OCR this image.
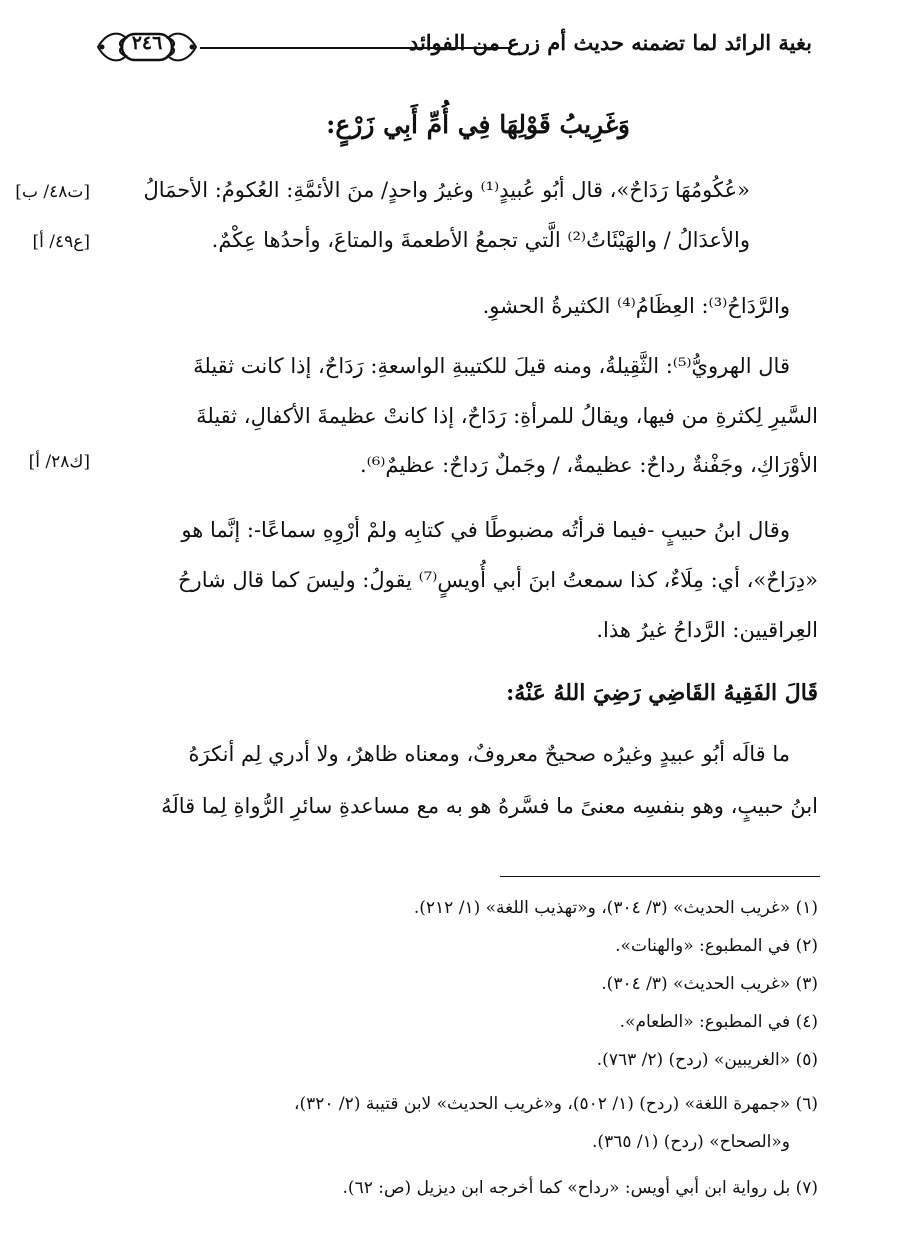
٢٤٦	بغية الرائد لما تضمنه حديث أم زرع من الفوائد
وَغَرِيبُ قَوْلِهَا فِي أُمِّ أَبِي زَرْعٍ:
[ت٤٨/ ب]
[ع٤٩/ أ]
[ك٢٨/ أ]
«عُكُومُهَا رَدَاحٌ»، قال أبُو عُبيدٍ⁽¹⁾ وغيرُ واحدٍ/ منَ الأئمَّةِ: العُكومُ: الأحمَالُ
والأعدَالُ / والهَيْئَاتُ⁽²⁾ الَّتي تجمعُ الأطعمةَ والمتاعَ، وأحدُها عِكْمٌ.
والرَّدَاحُ⁽³⁾: العِظَامُ⁽⁴⁾ الكثيرةُ الحشوِ.
قال الهرويُّ⁽⁵⁾: الثَّقِيلةُ، ومنه قيلَ للكتيبةِ الواسعةِ: رَدَاحٌ، إذا كانت ثقيلةَ
السَّيرِ لِكثرةِ من فيها، ويقالُ للمرأةِ: رَدَاحٌ، إذا كانتْ عظيمةَ الأكفالِ، ثقيلةَ
الأوْرَاكِ، وجَفْنةٌ رداحٌ: عظيمةٌ، / وجَملٌ رَداحٌ: عظيمٌ⁽⁶⁾.
وقال ابنُ حبيبٍ -فيما قرأتُه مضبوطًا في كتابِه ولمْ أرْوِهِ سماعًا-: إنَّما هو
«دِرَاحٌ»، أي: مِلَاءٌ، كذا سمعتُ ابنَ أبي أُويسٍ⁽⁷⁾ يقولُ: وليسَ كما قال شارحُ
العِراقيين: الرَّداحُ غيرُ هذا.
قَالَ الفَقِيهُ القَاضِي رَضِيَ اللهُ عَنْهُ:
ما قالَه أبُو عبيدٍ وغيرُه صحيحٌ معروفٌ، ومعناه ظاهرٌ، ولا أدري لِم أنكرَهُ
ابنُ حبيبٍ، وهو بنفسِه معنىً ما فسَّرهُ هو به مع مساعدةِ سائرِ الرُّواةِ لِما قالَهُ
(١) «غريب الحديث» (٣/ ٣٠٤)، و«تهذيب اللغة» (١/ ٢١٢).
(٢) في المطبوع: «والهنات».
(٣) «غريب الحديث» (٣/ ٣٠٤).
(٤) في المطبوع: «الطعام».
(٥) «الغريبين» (ردح) (٢/ ٧٦٣).
(٦) «جمهرة اللغة» (ردح) (١/ ٥٠٢)، و«غريب الحديث» لابن قتيبة (٢/ ٣٢٠)،
و«الصحاح» (ردح) (١/ ٣٦٥).
(٧) بل رواية ابن أبي أويس: «رداح» كما أخرجه ابن ديزيل (ص: ٦٢).
